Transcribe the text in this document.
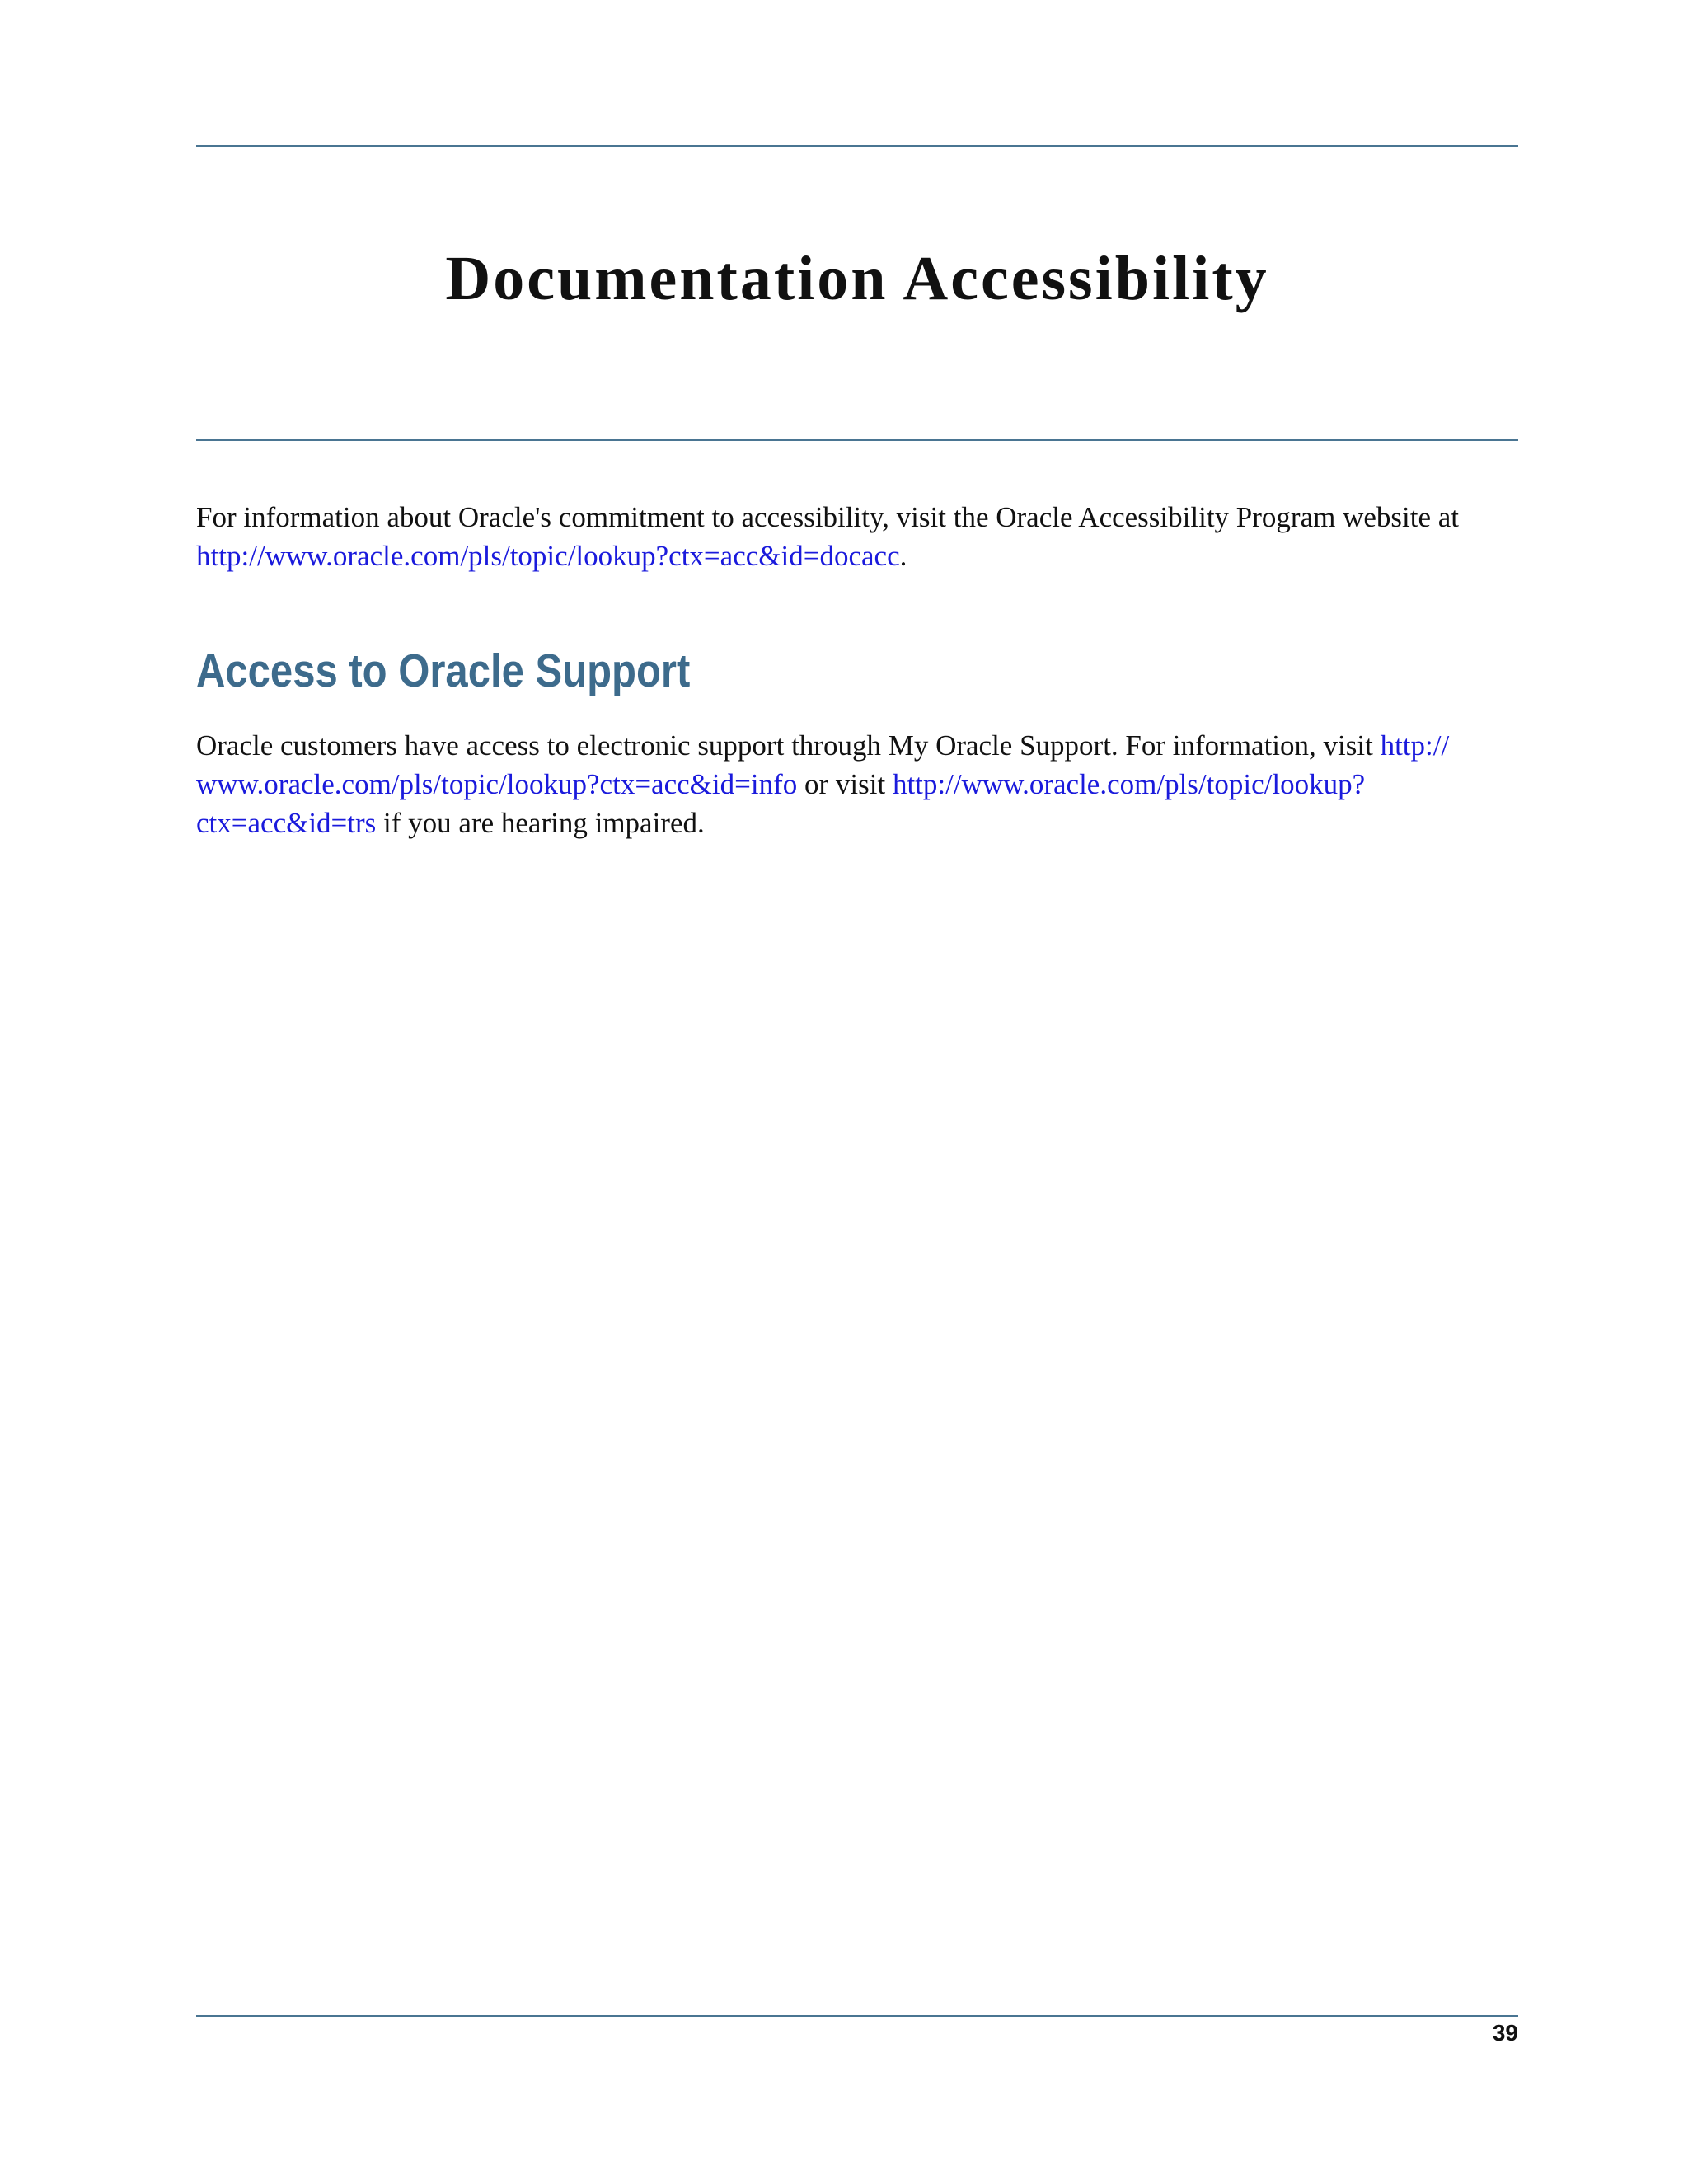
Documentation Accessibility

For information about Oracle's commitment to accessibility, visit the Oracle Accessibility Program website at
http://www.oracle.com/pls/topic/lookup?ctx=acc&id=docacc.

Access to Oracle Support

Oracle customers have access to electronic support through My Oracle Support. For information, visit http://
www.oracle.com/pls/topic/lookup?ctx=acc&id=info or visit http://www.oracle.com/pls/topic/lookup?
ctx=acc&id=trs if you are hearing impaired.

39
